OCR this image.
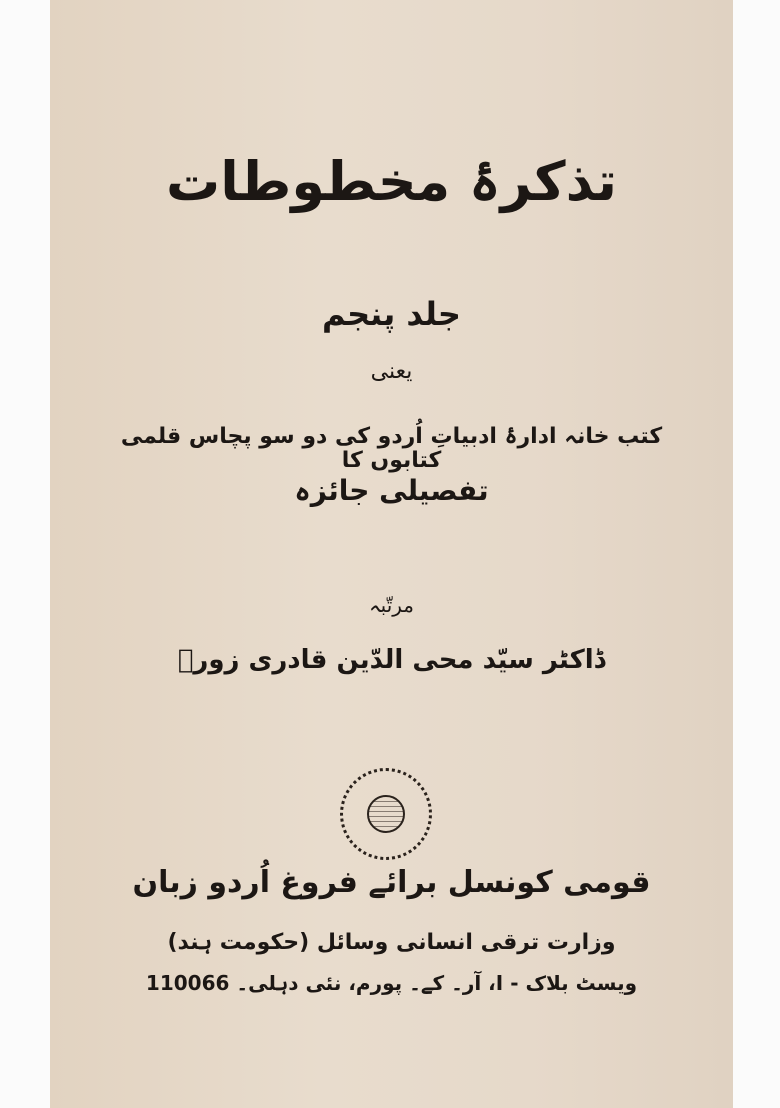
تذکرۂ مخطوطات
جلد پنجم
یعنی
کتب خانہ ادارۂ ادبیاتِ اُردو کی دو سو پچاس قلمی کتابوں کا
تفصیلی جائزہ
مرتّبہ
ڈاکٹر سیّد محی الدّین قادری زورؔ
قومی کونسل برائے فروغ اُردو زبان
وزارت ترقی انسانی وسائل (حکومت ہند)
ویسٹ بلاک - I، آر۔ کے۔ پورم، نئی دہلی۔ 110066
